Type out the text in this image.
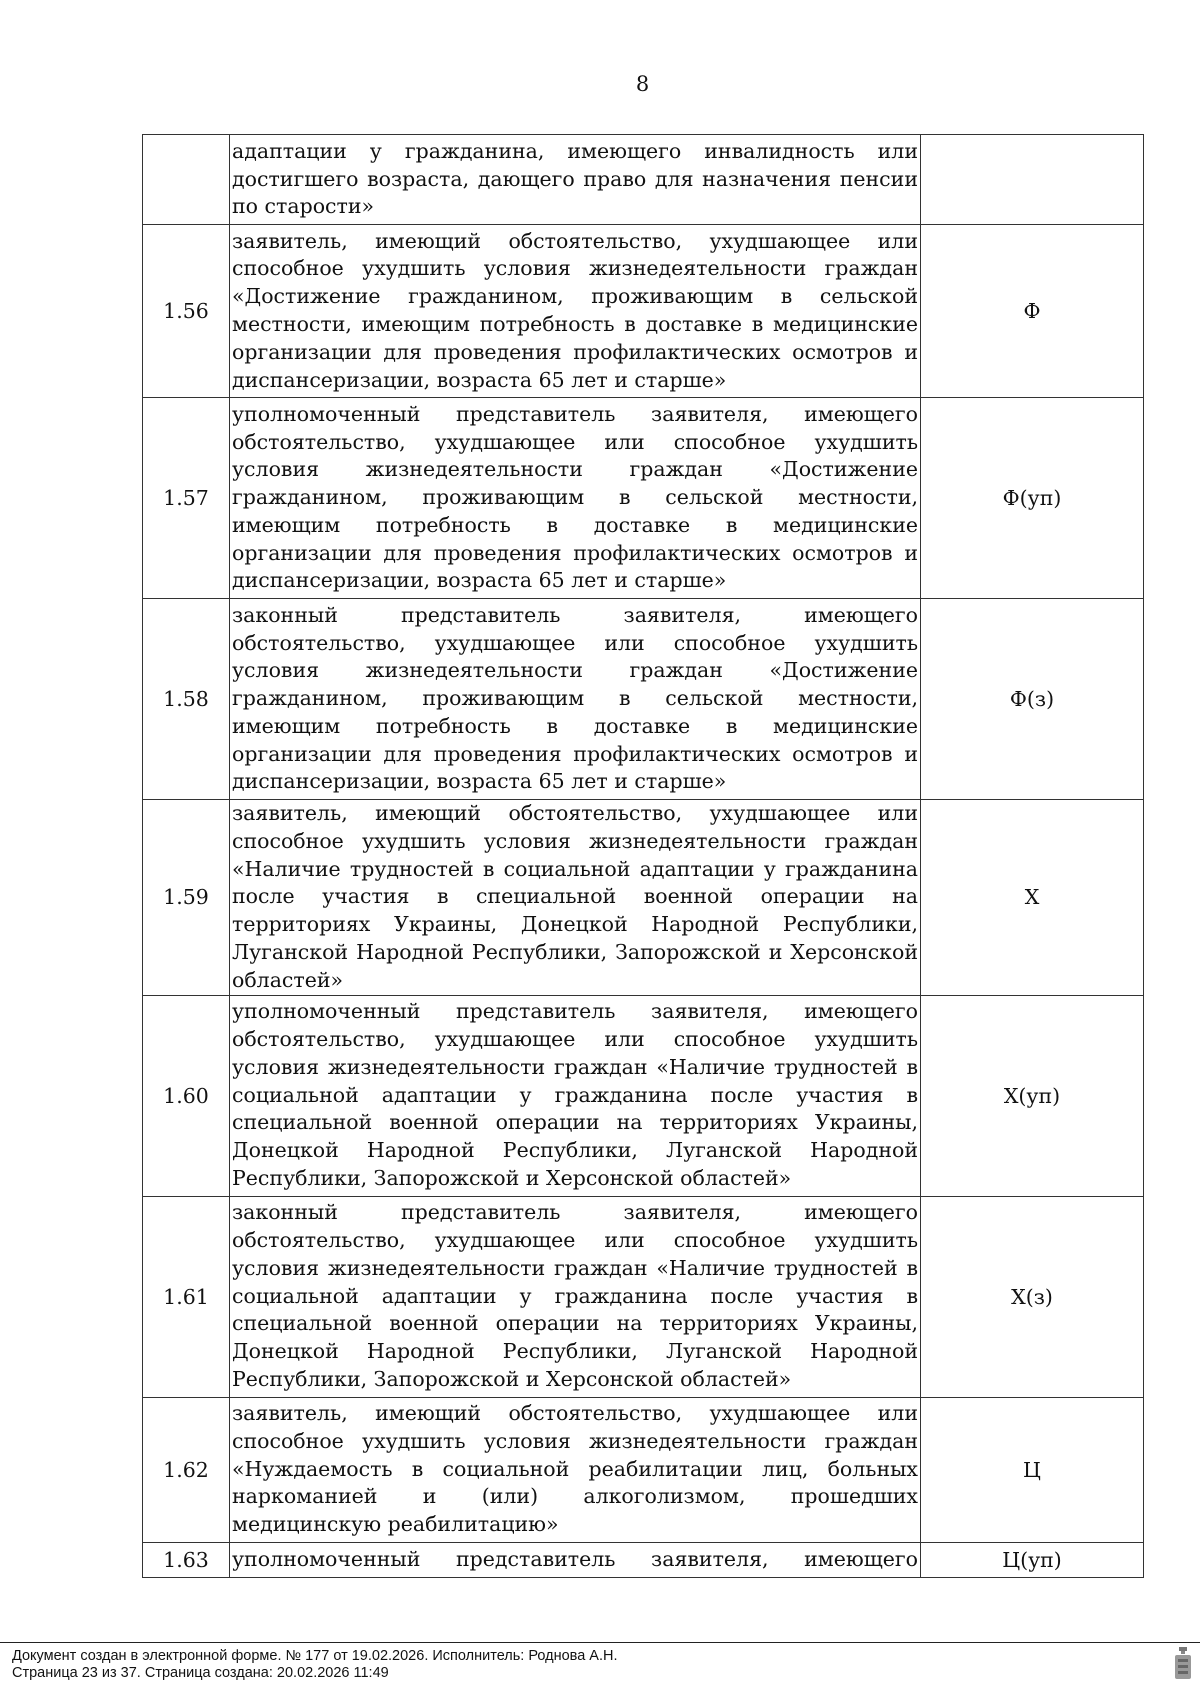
8
	адаптации у гражданина, имеющего инвалидность или достигшего возраста, дающего право для назначения пенсии по старости»	
1.56	заявитель, имеющий обстоятельство, ухудшающее или способное ухудшить условия жизнедеятельности граждан «Достижение гражданином, проживающим в сельской местности, имеющим потребность в доставке в медицинские организации для проведения профилактических осмотров и диспансеризации, возраста 65 лет и старше»	Ф
1.57	уполномоченный представитель заявителя, имеющего обстоятельство, ухудшающее или способное ухудшить условия жизнедеятельности граждан «Достижение гражданином, проживающим в сельской местности, имеющим потребность в доставке в медицинские организации для проведения профилактических осмотров и диспансеризации, возраста 65 лет и старше»	Ф(уп)
1.58	законный представитель заявителя, имеющего обстоятельство, ухудшающее или способное ухудшить условия жизнедеятельности граждан «Достижение гражданином, проживающим в сельской местности, имеющим потребность в доставке в медицинские организации для проведения профилактических осмотров и диспансеризации, возраста 65 лет и старше»	Ф(з)
1.59	заявитель, имеющий обстоятельство, ухудшающее или способное ухудшить условия жизнедеятельности граждан «Наличие трудностей в социальной адаптации у гражданина после участия в специальной военной операции на территориях Украины, Донецкой Народной Республики, Луганской Народной Республики, Запорожской и Херсонской областей»	Х
1.60	уполномоченный представитель заявителя, имеющего обстоятельство, ухудшающее или способное ухудшить условия жизнедеятельности граждан «Наличие трудностей в социальной адаптации у гражданина после участия в специальной военной операции на территориях Украины, Донецкой Народной Республики, Луганской Народной Республики, Запорожской и Херсонской областей»	Х(уп)
1.61	законный представитель заявителя, имеющего обстоятельство, ухудшающее или способное ухудшить условия жизнедеятельности граждан «Наличие трудностей в социальной адаптации у гражданина после участия в специальной военной операции на территориях Украины, Донецкой Народной Республики, Луганской Народной Республики, Запорожской и Херсонской областей»	Х(з)
1.62	заявитель, имеющий обстоятельство, ухудшающее или способное ухудшить условия жизнедеятельности граждан «Нуждаемость в социальной реабилитации лиц, больных наркоманией и (или) алкоголизмом, прошедших медицинскую реабилитацию»	Ц
1.63	уполномоченный представитель заявителя, имеющего	Ц(уп)
Документ создан в электронной форме. № 177 от 19.02.2026. Исполнитель: Роднова А.Н.
Страница 23 из 37. Страница создана: 20.02.2026 11:49
